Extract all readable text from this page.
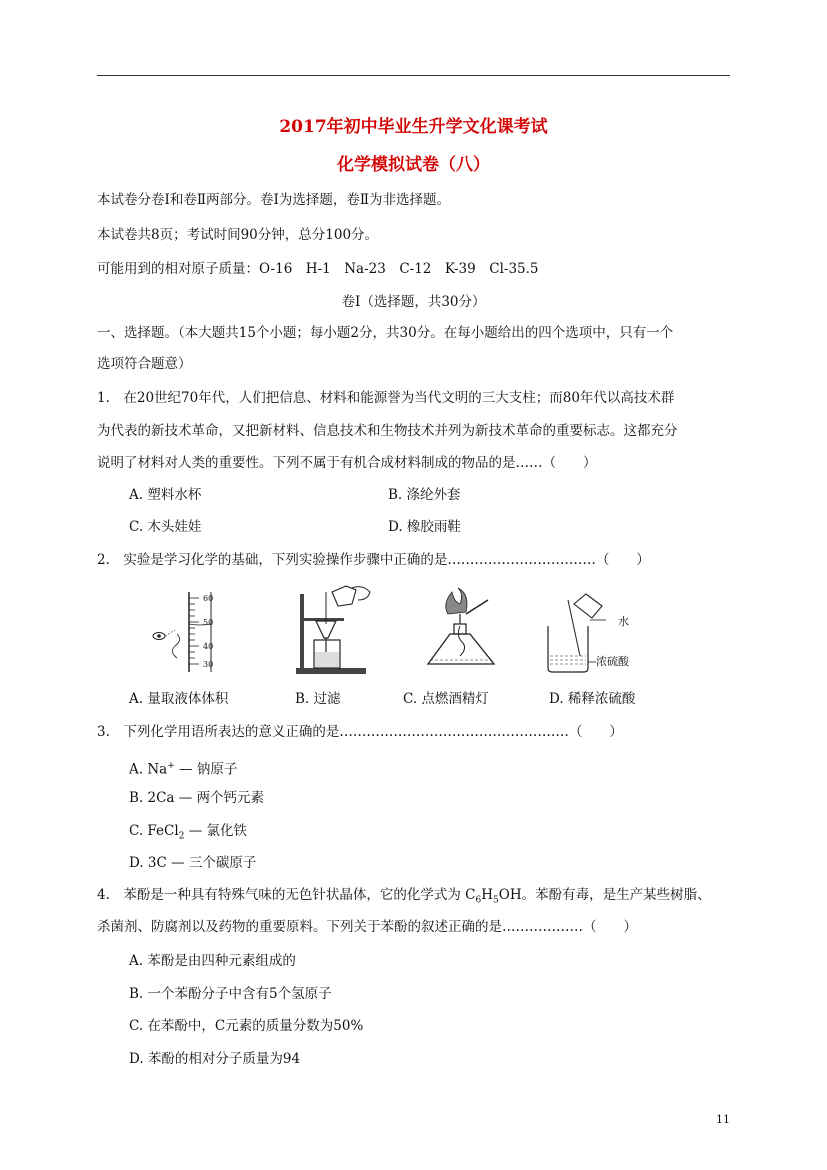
2017年初中毕业生升学文化课考试
化学模拟试卷（八）
本试卷分卷Ⅰ和卷Ⅱ两部分。卷Ⅰ为选择题，卷Ⅱ为非选择题。
本试卷共8页；考试时间90分钟，总分100分。
可能用到的相对原子质量：O-16　H-1　Na-23　C-12　K-39　Cl-35.5
卷Ⅰ（选择题，共30分）
一、选择题。（本大题共15个小题；每小题2分，共30分。在每小题给出的四个选项中，只有一个
选项符合题意）
1.　在20世纪70年代，人们把信息、材料和能源誉为当代文明的三大支柱；而80年代以高技术群
为代表的新技术革命，又把新材料、信息技术和生物技术并列为新技术革命的重要标志。这都充分
说明了材料对人类的重要性。下列不属于有机合成材料制成的物品的是……（　　）
A. 塑料水杯	B. 涤纶外套
C. 木头娃娃	D. 橡胶雨鞋
2.　实验是学习化学的基础，下列实验操作步骤中正确的是……………………………（　　）
60
50
40
30
水
浓硫酸
A. 量取液体体积	B. 过滤	C. 点燃酒精灯	D. 稀释浓硫酸
3.　下列化学用语所表达的意义正确的是……………………………………………（　　）
A. Na+ — 钠原子
B. 2Ca — 两个钙元素
C. FeCl$_2$ — 氯化铁
D. 3C — 三个碳原子
4.　苯酚是一种具有特殊气味的无色针状晶体，它的化学式为 $C_6H_5OH$。苯酚有毒，是生产某些树脂、
杀菌剂、防腐剂以及药物的重要原料。下列关于苯酚的叙述正确的是………………（　　）
A. 苯酚是由四种元素组成的
B. 一个苯酚分子中含有5个氢原子
C. 在苯酚中，C元素的质量分数为50%
D. 苯酚的相对分子质量为94
11
